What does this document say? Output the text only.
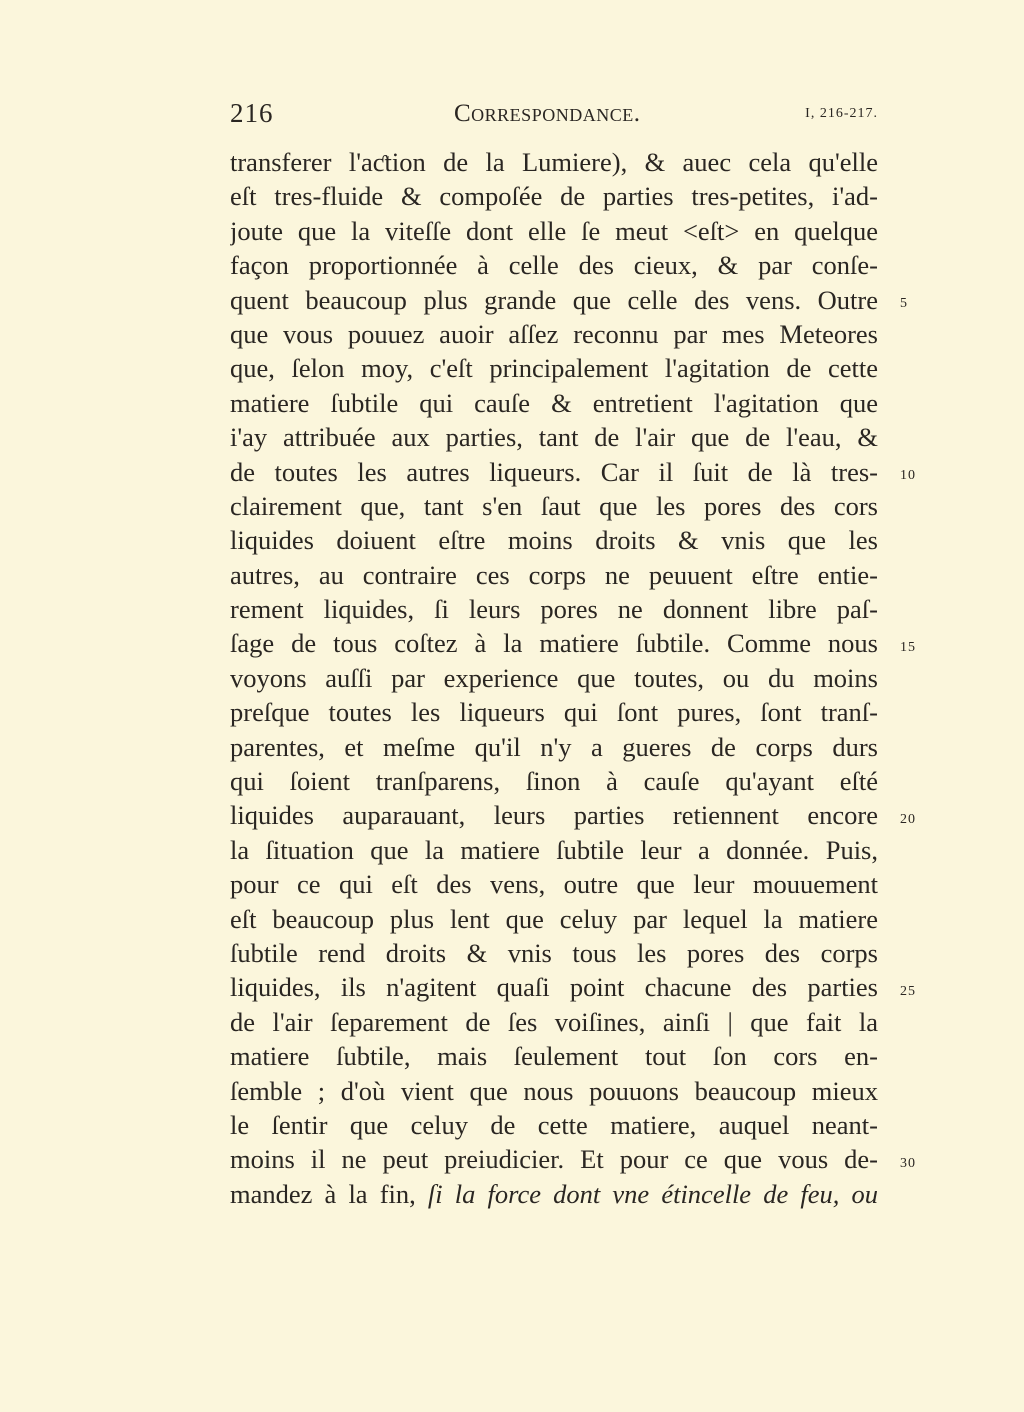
216	Correspondance.	I, 216-217.
transferer l'aƈtion de la Lumiere), & auec cela qu'elle
eſt tres-fluide & compoſée de parties tres-petites, i'ad-
joute que la viteſſe dont elle ſe meut <eſt> en quelque
façon proportionnée à celle des cieux, & par conſe-
quent beaucoup plus grande que celle des vens. Outre
que vous pouuez auoir aſſez reconnu par mes Meteores
que, ſelon moy, c'eſt principalement l'agitation de cette
matiere ſubtile qui cauſe & entretient l'agitation que
i'ay attribuée aux parties, tant de l'air que de l'eau, &
de toutes les autres liqueurs. Car il ſuit de là tres-
clairement que, tant s'en ſaut que les pores des cors
liquides doiuent eſtre moins droits & vnis que les
autres, au contraire ces corps ne peuuent eſtre entie-
rement liquides, ſi leurs pores ne donnent libre paſ-
ſage de tous coſtez à la matiere ſubtile. Comme nous
voyons auſſi par experience que toutes, ou du moins
preſque toutes les liqueurs qui ſont pures, ſont tranſ-
parentes, et meſme qu'il n'y a gueres de corps durs
qui ſoient tranſparens, ſinon à cauſe qu'ayant eſté
liquides auparauant, leurs parties retiennent encore
la ſituation que la matiere ſubtile leur a donnée. Puis,
pour ce qui eſt des vens, outre que leur mouuement
eſt beaucoup plus lent que celuy par lequel la matiere
ſubtile rend droits & vnis tous les pores des corps
liquides, ils n'agitent quaſi point chacune des parties
de l'air ſeparement de ſes voiſines, ainſi | que fait la
matiere ſubtile, mais ſeulement tout ſon cors en-
ſemble ; d'où vient que nous pouuons beaucoup mieux
le ſentir que celuy de cette matiere, auquel neant-
moins il ne peut preiudicier. Et pour ce que vous de-
mandez à la fin, ſi la force dont vne étincelle de feu, ou
5
10
15
20
25
30
